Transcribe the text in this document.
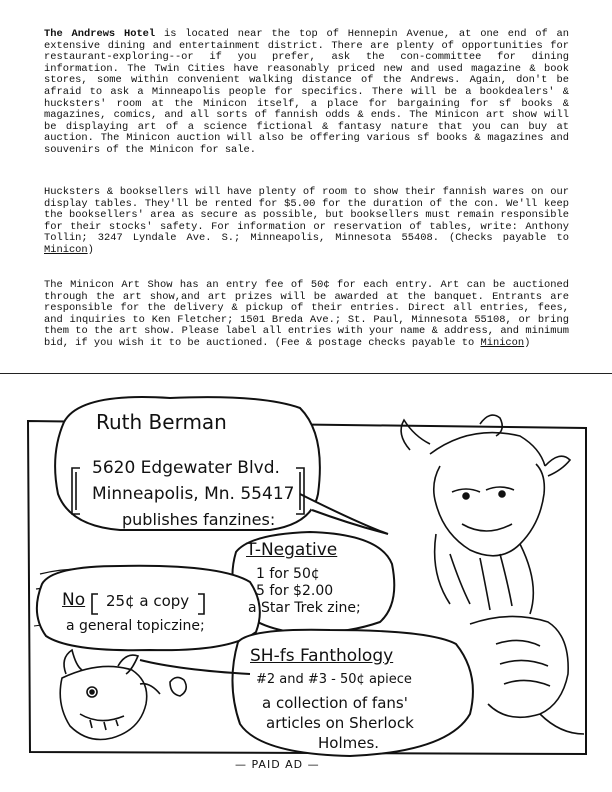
The Andrews Hotel is located near the top of Hennepin Avenue, at one end of an extensive dining and entertainment district. There are plenty of opportunities for restaurant-exploring--or if you prefer, ask the con-committee for dining information. The Twin Cities have reasonably priced new and used magazine & book stores, some within convenient walking distance of the Andrews. Again, don't be afraid to ask a Minneapolis people for specifics. There will be a bookdealers' & hucksters' room at the Minicon itself, a place for bargaining for sf books & magazines, comics, and all sorts of fannish odds & ends. The Minicon art show will be displaying art of a science fictional & fantasy nature that you can buy at auction. The Minicon auction will also be offering various sf books & magazines and souvenirs of the Minicon for sale.

Hucksters & booksellers will have plenty of room to show their fannish wares on our display tables. They'll be rented for $5.00 for the duration of the con. We'll keep the booksellers' area as secure as possible, but booksellers must remain responsible for their stocks' safety. For information or reservation of tables, write: Anthony Tollin; 3247 Lyndale Ave. S.; Minneapolis, Minnesota 55408. (Checks payable to Minicon)

The Minicon Art Show has an entry fee of 50¢ for each entry. Art can be auctioned through the art show,and art prizes will be awarded at the banquet. Entrants are responsible for the delivery & pickup of their entries. Direct all entries, fees, and inquiries to Ken Fletcher; 1501 Breda Ave.; St. Paul, Minnesota 55108, or bring them to the art show. Please label all entries with your name & address, and minimum bid, if you wish it to be auctioned. (Fee & postage checks payable to Minicon)

Ruth Berman
5620 Edgewater Blvd.
Minneapolis, Mn. 55417
publishes fanzines:
T-Negative
1 for 50¢
5 for $2.00
a Star Trek zine;
No 25¢ a copy
a general topiczine;
SH-fs Fanthology
#2 and #3 - 50¢ apiece
a collection of fans'
articles on Sherlock
Holmes.
— PAID AD —
